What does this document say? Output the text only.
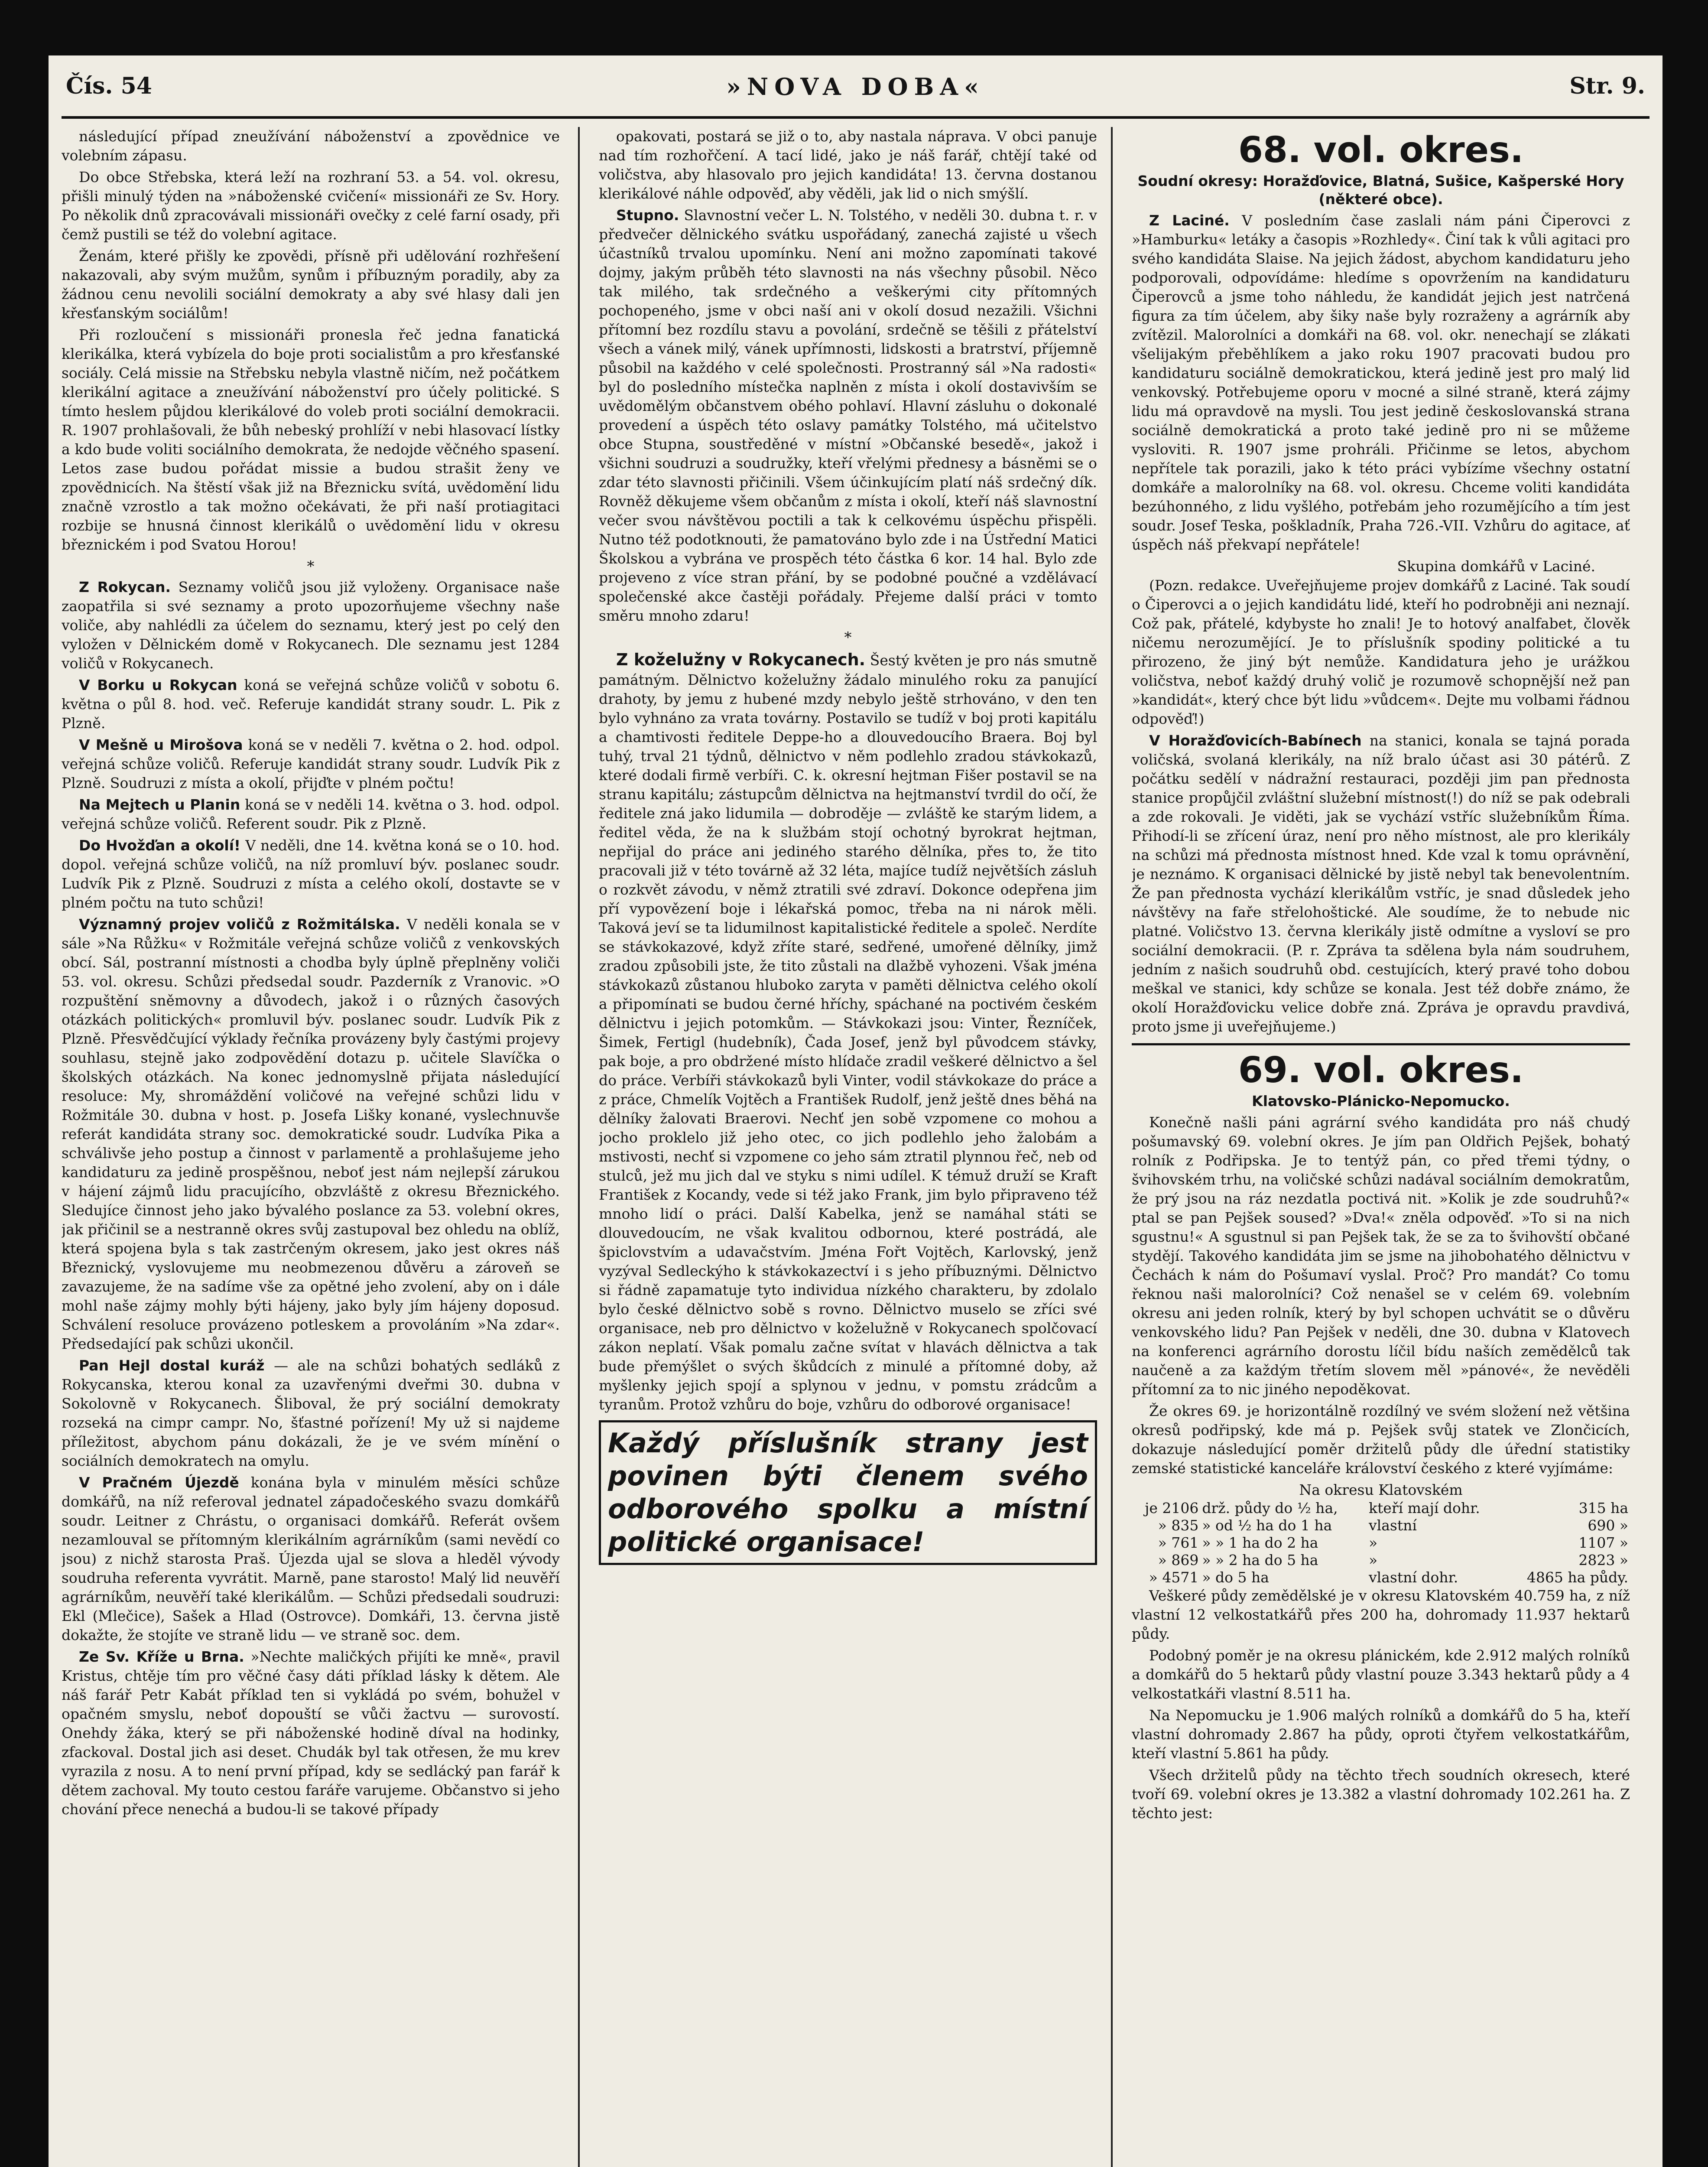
Čís. 54	»NOVA DOBA«	Str. 9.

následující případ zneužívání náboženství a zpovědnice ve volebním zápasu.

Do obce Střebska, která leží na rozhraní 53. a 54. vol. okresu, přišli minulý týden na »náboženské cvičení« missionáři ze Sv. Hory. Po několik dnů zpracovávali missionáři ovečky z celé farní osady, při čemž pustili se též do volební agitace.

Ženám, které přišly ke zpovědi, přísně při udělování rozhřešení nakazovali, aby svým mužům, synům i příbuzným poradily, aby za žádnou cenu nevolili sociální demokraty a aby své hlasy dali jen křesťanským sociálům!

Při rozloučení s missionáři pronesla řeč jedna fanatická klerikálka, která vybízela do boje proti socialistům a pro křesťanské sociály. Celá missie na Střebsku nebyla vlastně ničím, než počátkem klerikální agitace a zneužívání náboženství pro účely politické. S tímto heslem půjdou klerikálové do voleb proti sociální demokracii. R. 1907 prohlašovali, že bůh nebeský prohlíží v nebi hlasovací lístky a kdo bude voliti sociálního demokrata, že nedojde věčného spasení. Letos zase budou pořádat missie a budou strašit ženy ve zpovědnicích. Na štěstí však již na Březnicku svítá, uvědomění lidu značně vzrostlo a tak možno očekávati, že při naší protiagitaci rozbije se hnusná činnost klerikálů o uvědomění lidu v okresu březnickém i pod Svatou Horou!

*

Z Rokycan. Seznamy voličů jsou již vyloženy. Organisace naše zaopatřila si své seznamy a proto upozorňujeme všechny naše voliče, aby nahlédli za účelem do seznamu, který jest po celý den vyložen v Dělnickém domě v Rokycanech. Dle seznamu jest 1284 voličů v Rokycanech.

V Borku u Rokycan koná se veřejná schůze voličů v sobotu 6. května o půl 8. hod. več. Referuje kandidát strany soudr. L. Pik z Plzně.

V Mešně u Mirošova koná se v neděli 7. května o 2. hod. odpol. veřejná schůze voličů. Referuje kandidát strany soudr. Ludvík Pik z Plzně. Soudruzi z místa a okolí, přijďte v plném počtu!

Na Mejtech u Planin koná se v neděli 14. května o 3. hod. odpol. veřejná schůze voličů. Referent soudr. Pik z Plzně.

Do Hvožďan a okolí! V neděli, dne 14. května koná se o 10. hod. dopol. veřejná schůze voličů, na níž promluví býv. poslanec soudr. Ludvík Pik z Plzně. Soudruzi z místa a celého okolí, dostavte se v plném počtu na tuto schůzi!

Významný projev voličů z Rožmitálska. V neděli konala se v sále »Na Růžku« v Rožmitále veřejná schůze voličů z venkovských obcí. Sál, postranní místnosti a chodba byly úplně přeplněny voliči 53. vol. okresu. Schůzi předsedal soudr. Pazderník z Vranovic. »O rozpuštění sněmovny a důvodech, jakož i o různých časových otázkách politických« promluvil býv. poslanec soudr. Ludvík Pik z Plzně. Přesvědčující výklady řečníka provázeny byly častými projevy souhlasu, stejně jako zodpovědění dotazu p. učitele Slavíčka o školských otázkách. Na konec jednomyslně přijata následující resoluce: My, shromáždění voličové na veřejné schůzi lidu v Rožmitále 30. dubna v host. p. Josefa Lišky konané, vyslechnuvše referát kandidáta strany soc. demokratické soudr. Ludvíka Pika a schválivše jeho postup a činnost v parlamentě a prohlašujeme jeho kandidaturu za jedině prospěšnou, neboť jest nám nejlepší zárukou v hájení zájmů lidu pracujícího, obzvláště z okresu Březnického. Sledujíce činnost jeho jako bývalého poslance za 53. volební okres, jak přičinil se a nestranně okres svůj zastupoval bez ohledu na oblíž, která spojena byla s tak zastrčeným okresem, jako jest okres náš Březnický, vyslovujeme mu neobmezenou důvěru a zároveň se zavazujeme, že na sadíme vše za opětné jeho zvolení, aby on i dále mohl naše zájmy mohly býti hájeny, jako byly jím hájeny doposud. Schválení resoluce provázeno potleskem a provoláním »Na zdar«. Předsedající pak schůzi ukončil.

Pan Hejl dostal kuráž — ale na schůzi bohatých sedláků z Rokycanska, kterou konal za uzavřenými dveřmi 30. dubna v Sokolovně v Rokycanech. Šliboval, že prý sociální demokraty rozseká na cimpr campr. No, šťastné pořízení! My už si najdeme příležitost, abychom pánu dokázali, že je ve svém mínění o sociálních demokratech na omylu.

V Pračném Újezdě konána byla v minulém měsíci schůze domkářů, na níž referoval jednatel západočeského svazu domkářů soudr. Leitner z Chrástu, o organisaci domkářů. Referát ovšem nezamlouval se přítomným klerikálním agrárníkům (sami nevědí co jsou) z nichž starosta Praš. Újezda ujal se slova a hleděl vývody soudruha referenta vyvrátit. Marně, pane starosto! Malý lid neuvěří agrárníkům, neuvěří také klerikálům. — Schůzi předsedali soudruzi: Ekl (Mlečice), Sašek a Hlad (Ostrovce). Domkáři, 13. června jistě dokažte, že stojíte ve straně lidu — ve straně soc. dem.

Ze Sv. Kříže u Brna. »Nechte maličkých přijíti ke mně«, pravil Kristus, chtěje tím pro věčné časy dáti příklad lásky k dětem. Ale náš farář Petr Kabát příklad ten si vykládá po svém, bohužel v opačném smyslu, neboť dopouští se vůči žactvu — surovostí. Onehdy žáka, který se při náboženské hodině díval na hodinky, zfackoval. Dostal jich asi deset. Chudák byl tak otřesen, že mu krev vyrazila z nosu. A to není první případ, kdy se sedlácký pan farář k dětem zachoval. My touto cestou faráře varujeme. Občanstvo si jeho chování přece nenechá a budou-li se takové případy

opakovati, postará se již o to, aby nastala náprava. V obci panuje nad tím rozhořčení. A tací lidé, jako je náš farář, chtějí také od voličstva, aby hlasovalo pro jejich kandidáta! 13. června dostanou klerikálové náhle odpověď, aby věděli, jak lid o nich smýšlí.

Stupno. Slavnostní večer L. N. Tolstého, v neděli 30. dubna t. r. v předvečer dělnického svátku uspořádaný, zanechá zajisté u všech účastníků trvalou upomínku. Není ani možno zapomínati takové dojmy, jakým průběh této slavnosti na nás všechny působil. Něco tak milého, tak srdečného a veškerými city přítomných pochopeného, jsme v obci naší ani v okolí dosud nezažili. Všichni přítomní bez rozdílu stavu a povolání, srdečně se těšili z přátelství všech a vánek milý, vánek upřímnosti, lidskosti a bratrství, příjemně působil na každého v celé společnosti. Prostranný sál »Na radosti« byl do posledního místečka naplněn z místa i okolí dostavivším se uvědomělým občanstvem obého pohlaví. Hlavní zásluhu o dokonalé provedení a úspěch této oslavy památky Tolstého, má učitelstvo obce Stupna, soustředěné v místní »Občanské besedě«, jakož i všichni soudruzi a soudružky, kteří vřelými přednesy a básněmi se o zdar této slavnosti přičinili. Všem účinkujícím platí náš srdečný dík. Rovněž děkujeme všem občanům z místa i okolí, kteří náš slavnostní večer svou návštěvou poctili a tak k celkovému úspěchu přispěli. Nutno též podotknouti, že pamatováno bylo zde i na Ústřední Matici Školskou a vybrána ve prospěch této částka 6 kor. 14 hal. Bylo zde projeveno z více stran přání, by se podobné poučné a vzdělávací společenské akce častěji pořádaly. Přejeme další práci v tomto směru mnoho zdaru!

*

Z koželužny v Rokycanech. Šestý květen je pro nás smutně památným. Dělnictvo koželužny žádalo minulého roku za panující drahoty, by jemu z hubené mzdy nebylo ještě strhováno, v den ten bylo vyhnáno za vrata továrny. Postavilo se tudíž v boj proti kapitálu a chamtivosti ředitele Deppe-ho a dlouvedoucího Braera. Boj byl tuhý, trval 21 týdnů, dělnictvo v něm podlehlo zradou stávkokazů, které dodali firmě verbíři. C. k. okresní hejtman Fišer postavil se na stranu kapitálu; zástupcům dělnictva na hejtmanství tvrdil do očí, že ředitele zná jako lidumila — dobroděje — zvláště ke starým lidem, a ředitel věda, že na k službám stojí ochotný byrokrat hejtman, nepřijal do práce ani jediného starého dělníka, přes to, že tito pracovali již v této továrně až 32 léta, majíce tudíž největších zásluh o rozkvět závodu, v němž ztratili své zdraví. Dokonce odepřena jim pří vypovězení boje i lékařská pomoc, třeba na ni nárok měli. Taková jeví se ta lidumilnost kapitalistické ředitele a společ. Nerdíte se stávkokazové, když zříte staré, sedřené, umořené dělníky, jimž zradou způsobili jste, že tito zůstali na dlažbě vyhozeni. Však jména stávkokazů zůstanou hluboko zaryta v paměti dělnictva celého okolí a připomínati se budou černé hříchy, spáchané na poctivém českém dělnictvu i jejich potomkům. — Stávkokazi jsou: Vinter, Řezníček, Šimek, Fertigl (hudebník), Čada Josef, jenž byl původcem stávky, pak boje, a pro obdržené místo hlídače zradil veškeré dělnictvo a šel do práce. Verbíři stávkokazů byli Vinter, vodil stávkokaze do práce a z práce, Chmelík Vojtěch a František Rudolf, jenž ještě dnes běhá na dělníky žalovati Braerovi. Nechť jen sobě vzpomene co mohou a jocho proklelo již jeho otec, co jich podlehlo jeho žalobám a mstivosti, nechť si vzpomene co jeho sám ztratil plynnou řeč, neb od stulců, jež mu jich dal ve styku s nimi udílel. K témuž druží se Kraft František z Kocandy, vede si též jako Frank, jim bylo připraveno též mnoho lidí o práci. Další Kabelka, jenž se namáhal státi se dlouvedoucím, ne však kvalitou odbornou, které postrádá, ale špiclovstvím a udavačstvím. Jména Fořt Vojtěch, Karlovský, jenž vyzýval Sedleckýho k stávkokazectví i s jeho příbuznými. Dělnictvo si řádně zapamatuje tyto individua nízkého charakteru, by zdolalo bylo české dělnictvo sobě s rovno. Dělnictvo muselo se zříci své organisace, neb pro dělnictvo v koželužně v Rokycanech spolčovací zákon neplatí. Však pomalu začne svítat v hlavách dělnictva a tak bude přemýšlet o svých škůdcích z minulé a přítomné doby, až myšlenky jejich spojí a splynou v jednu, v pomstu zrádcům a tyranům. Protož vzhůru do boje, vzhůru do odborové organisace!

Každý příslušník strany jest povinen býti členem svého odborového spolku a místní politické organisace!
68. vol. okres.
Soudní okresy: Horažďovice, Blatná, Sušice, Kašperské Hory (některé obce).

Z Laciné. V posledním čase zaslali nám páni Čiperovci z »Hamburku« letáky a časopis »Rozhledy«. Činí tak k vůli agitaci pro svého kandidáta Slaise. Na jejich žádost, abychom kandidaturu jeho podporovali, odpovídáme: hledíme s opovržením na kandidaturu Čiperovců a jsme toho náhledu, že kandidát jejich jest natrčená figura za tím účelem, aby šiky naše byly rozraženy a agrárník aby zvítězil. Malorolníci a domkáři na 68. vol. okr. nenechají se zlákati všelijakým přeběhlíkem a jako roku 1907 pracovati budou pro kandidaturu sociálně demokratickou, která jedině jest pro malý lid venkovský. Potřebujeme oporu v mocné a silné straně, která zájmy lidu má opravdově na mysli. Tou jest jedině českoslovanská strana sociálně demokratická a proto také jedině pro ni se můžeme vysloviti. R. 1907 jsme prohráli. Přičinme se letos, abychom nepřítele tak porazili, jako k této práci vybízíme všechny ostatní domkáře a malorolníky na 68. vol. okresu. Chceme voliti kandidáta bezúhonného, z lidu vyšlého, potřebám jeho rozumějícího a tím jest soudr. Josef Teska, poškladník, Praha 726.-VII. Vzhůru do agitace, ať úspěch náš překvapí nepřátele!

Skupina domkářů v Laciné.

(Pozn. redakce. Uveřejňujeme projev domkářů z Laciné. Tak soudí o Čiperovci a o jejich kandidátu lidé, kteří ho podrobněji ani neznají. Což pak, přátelé, kdybyste ho znali! Je to hotový analfabet, člověk ničemu nerozumějící. Je to příslušník spodiny politické a tu přirozeno, že jiný být nemůže. Kandidatura jeho je urážkou voličstva, neboť každý druhý volič je rozumově schopnější než pan »kandidát«, který chce být lidu »vůdcem«. Dejte mu volbami řádnou odpověď!)

V Horažďovicích-Babínech na stanici, konala se tajná porada voličská, svolaná klerikály, na níž bralo účast asi 30 pátérů. Z počátku sedělí v nádražní restauraci, později jim pan přednosta stanice propůjčil zvláštní služební místnost(!) do níž se pak odebrali a zde rokovali. Je viděti, jak se vychází vstříc služebníkům Říma. Přihodí-li se zřícení úraz, není pro něho místnost, ale pro klerikály na schůzi má přednosta místnost hned. Kde vzal k tomu oprávnění, je neznámo. K organisaci dělnické by jistě nebyl tak benevolentním. Že pan přednosta vychází klerikálům vstříc, je snad důsledek jeho návštěvy na faře střelohoštické. Ale soudíme, že to nebude nic platné. Voličstvo 13. června klerikály jistě odmítne a vysloví se pro sociální demokracii. (P. r. Zpráva ta sdělena byla nám soudruhem, jedním z našich soudruhů obd. cestujících, který pravé toho dobou meškal ve stanici, kdy schůze se konala. Jest též dobře známo, že okolí Horažďovicku velice dobře zná. Zpráva je opravdu pravdivá, proto jsme ji uveřejňujeme.)

69. vol. okres.
Klatovsko-Plánicko-Nepomucko.

Konečně našli páni agrární svého kandidáta pro náš chudý pošumavský 69. volební okres. Je jím pan Oldřich Pejšek, bohatý rolník z Podřipska. Je to tentýž pán, co před třemi týdny, o švihovském trhu, na voličské schůzi nadával sociálním demokratům, že prý jsou na ráz nezdatla poctivá nit. »Kolik je zde soudruhů?« ptal se pan Pejšek soused? »Dva!« zněla odpověď. »To si na nich sgustnu!« A sgustnul si pan Pejšek tak, že se za to švihovští občané stydějí. Takového kandidáta jim se jsme na jihobohatého dělnictvu v Čechách k nám do Pošumaví vyslal. Proč? Pro mandát? Co tomu řeknou naši malorolníci? Což nenašel se v celém 69. volebním okresu ani jeden rolník, který by byl schopen uchvátit se o důvěru venkovského lidu? Pan Pejšek v neděli, dne 30. dubna v Klatovech na konferenci agrárního dorostu líčil bídu naších zemědělců tak naučeně a za každým třetím slovem měl »pánové«, že nevěděli přítomní za to nic jiného nepoděkovat.

Že okres 69. je horizontálně rozdílný ve svém složení než většina okresů podřipský, kde má p. Pejšek svůj statek ve Zlončicích, dokazuje následující poměr držitelů půdy dle úřední statistiky zemské statistické kanceláře království českého z které vyjímáme:

Na okresu Klatovském
je 2106	drž. půdy do ½ ha,	kteří mají dohr.	315 ha
» 835	» od ½ ha do 1 ha	vlastní	690 »
» 761	» » 1 ha do 2 ha	»	1107 »
» 869	» » 2 ha do 5 ha	»	2823 »
» 4571	» do 5 ha	vlastní dohr.	4865 ha půdy.

Veškeré půdy zemědělské je v okresu Klatovském 40.759 ha, z níž vlastní 12 velkostatkářů přes 200 ha, dohromady 11.937 hektarů půdy.

Podobný poměr je na okresu plánickém, kde 2.912 malých rolníků a domkářů do 5 hektarů půdy vlastní pouze 3.343 hektarů půdy a 4 velkostatkáři vlastní 8.511 ha.

Na Nepomucku je 1.906 malých rolníků a domkářů do 5 ha, kteří vlastní dohromady 2.867 ha půdy, oproti čtyřem velkostatkářům, kteří vlastní 5.861 ha půdy.

Všech držitelů půdy na těchto třech soudních okresech, které tvoří 69. volební okres je 13.382 a vlastní dohromady 102.261 ha. Z těchto jest:
